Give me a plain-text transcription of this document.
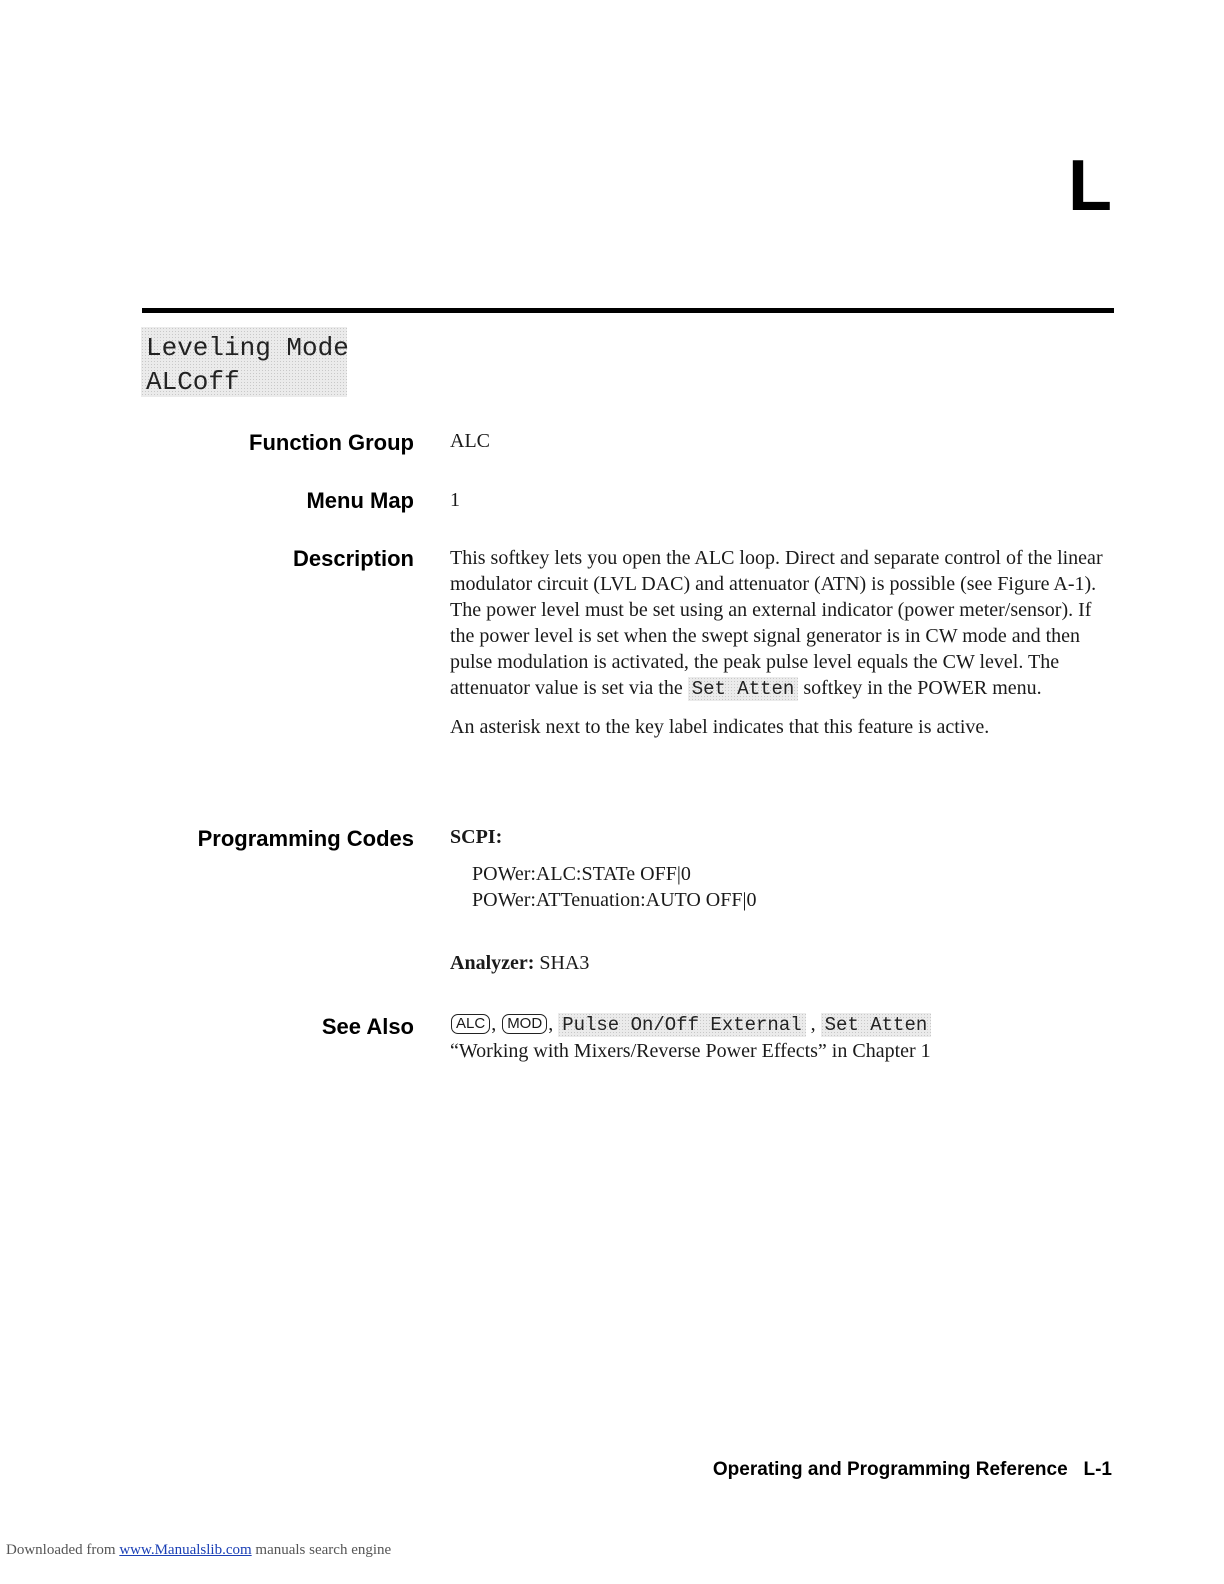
L
Leveling Mode
ALCoff
Function Group ALC
Menu Map 1
Description This softkey lets you open the ALC loop. Direct and separate control of the linear modulator circuit (LVL DAC) and attenuator (ATN) is possible (see Figure A-1). The power level must be set using an external indicator (power meter/sensor). If the power level is set when the swept signal generator is in CW mode and then pulse modulation is activated, the peak pulse level equals the CW level. The attenuator value is set via the Set Atten softkey in the POWER menu.
An asterisk next to the key label indicates that this feature is active.
Programming Codes SCPI:
POWer:ALC:STATe OFF|0
POWer:ATTenuation:AUTO OFF|0
Analyzer: SHA3
See Also	ALC , MOD , Pulse On/Off External , Set Atten
“Working with Mixers/Reverse Power Effects” in Chapter 1
Operating and Programming Reference L-1
Downloaded from www.Manualslib.com manuals search engine
